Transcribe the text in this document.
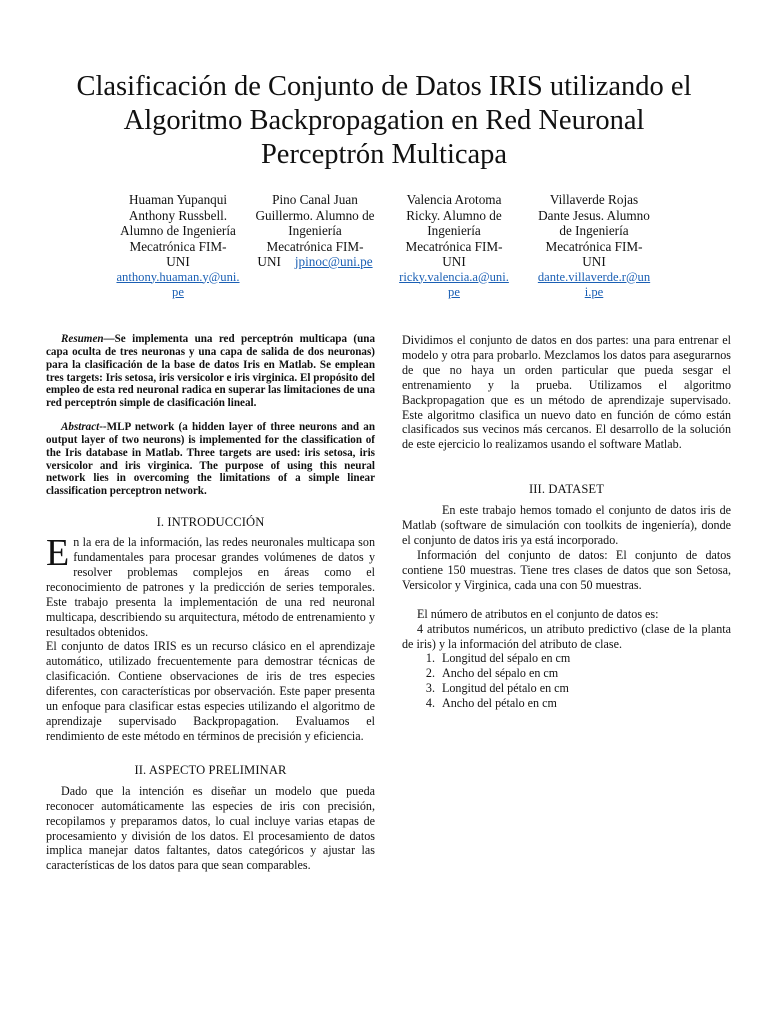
Clasificación de Conjunto de Datos IRIS utilizando el
Algoritmo Backpropagation en Red Neuronal
Perceptrón Multicapa
Huaman Yupanqui
Anthony Russbell.
Alumno de Ingeniería
Mecatrónica FIM-
UNI
anthony.huaman.y@uni.
pe
Pino Canal Juan
Guillermo. Alumno de
Ingeniería
Mecatrónica FIM-
UNI jpinoc@uni.pe
Valencia Arotoma
Ricky. Alumno de
Ingeniería
Mecatrónica FIM-
UNI
ricky.valencia.a@uni.
pe
Villaverde Rojas
Dante Jesus. Alumno
de Ingeniería
Mecatrónica FIM-
UNI
dante.villaverde.r@un
i.pe

Resumen—Se implementa una red perceptrón multicapa (una capa oculta de tres neuronas y una capa de salida de dos neuronas) para la clasificación de la base de datos Iris en Matlab. Se emplean tres targets: Iris setosa, iris versicolor e iris virginica. El propósito del empleo de esta red neuronal radica en superar las limitaciones de una red perceptrón simple de clasificación lineal.

Abstract--MLP network (a hidden layer of three neurons and an output layer of two neurons) is implemented for the classification of the Iris database in Matlab. Three targets are used: iris setosa, iris versicolor and iris virginica. The purpose of using this neural network lies in overcoming the limitations of a simple linear classification perceptron network.

I. INTRODUCCIÓN

En la era de la información, las redes neuronales multicapa son fundamentales para procesar grandes volúmenes de datos y resolver problemas complejos en áreas como el reconocimiento de patrones y la predicción de series temporales. Este trabajo presenta la implementación de una red neuronal multicapa, describiendo su arquitectura, método de entrenamiento y resultados obtenidos.

El conjunto de datos IRIS es un recurso clásico en el aprendizaje automático, utilizado frecuentemente para demostrar técnicas de clasificación. Contiene observaciones de iris de tres especies diferentes, con características por observación. Este paper presenta un enfoque para clasificar estas especies utilizando el algoritmo de aprendizaje supervisado Backpropagation. Evaluamos el rendimiento de este método en términos de precisión y eficiencia.

II. ASPECTO PRELIMINAR

Dado que la intención es diseñar un modelo que pueda reconocer automáticamente las especies de iris con precisión, recopilamos y preparamos datos, lo cual incluye varias etapas de procesamiento y división de los datos. El procesamiento de datos implica manejar datos faltantes, datos categóricos y ajustar las características de los datos para que sean comparables.

Dividimos el conjunto de datos en dos partes: una para entrenar el modelo y otra para probarlo. Mezclamos los datos para asegurarnos de que no haya un orden particular que pueda sesgar el entrenamiento y la prueba. Utilizamos el algoritmo Backpropagation que es un método de aprendizaje supervisado. Este algoritmo clasifica un nuevo dato en función de cómo están clasificados sus vecinos más cercanos. El desarrollo de la solución de este ejercicio lo realizamos usando el software Matlab.

III. DATASET

En este trabajo hemos tomado el conjunto de datos iris de Matlab (software de simulación con toolkits de ingeniería), donde el conjunto de datos iris ya está incorporado.

Información del conjunto de datos: El conjunto de datos contiene 150 muestras. Tiene tres clases de datos que son Setosa, Versicolor y Virginica, cada una con 50 muestras.

El número de atributos en el conjunto de datos es:

4 atributos numéricos, un atributo predictivo (clase de la planta de iris) y la información del atributo de clase.

1. Longitud del sépalo en cm
2. Ancho del sépalo en cm
3. Longitud del pétalo en cm
4. Ancho del pétalo en cm
